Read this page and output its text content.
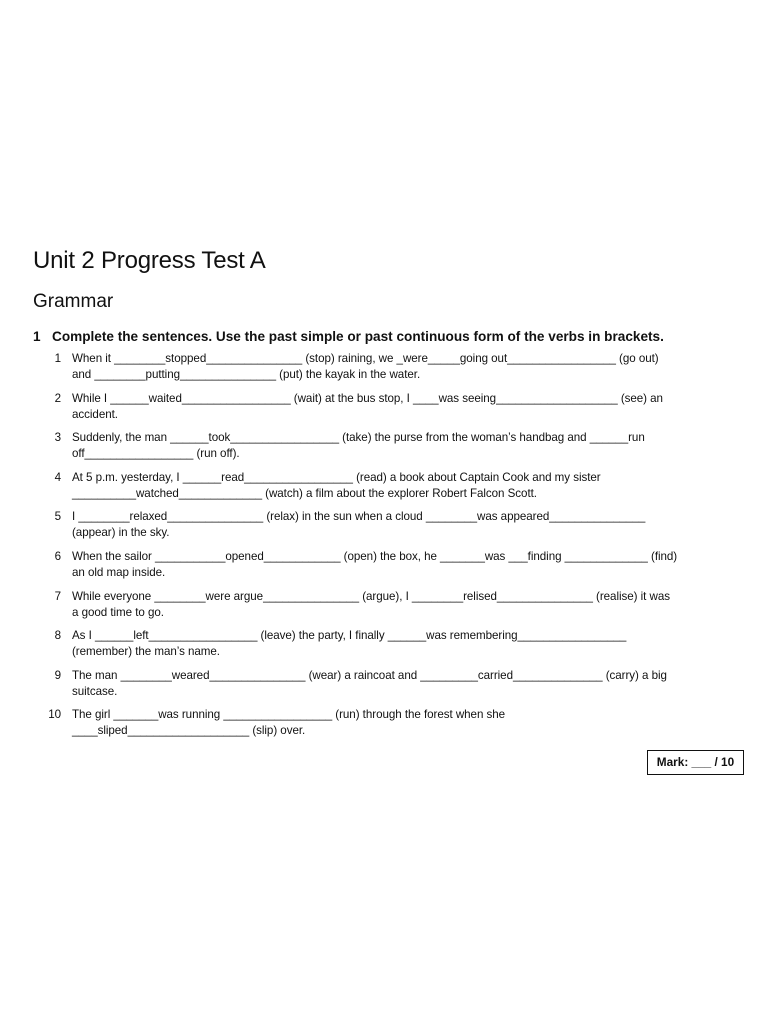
Unit 2 Progress Test A
Grammar
1 Complete the sentences. Use the past simple or past continuous form of the verbs in brackets.
1 When it ________stopped_______________ (stop) raining, we _were_____going out_________________ (go out)
and ________putting_______________ (put) the kayak in the water.
2 While I ______waited_________________ (wait) at the bus stop, I ____was seeing___________________ (see) an
accident.
3 Suddenly, the man ______took_________________ (take) the purse from the woman’s handbag and ______run
off_________________ (run off).
4 At 5 p.m. yesterday, I ______read_________________ (read) a book about Captain Cook and my sister
__________watched_____________ (watch) a film about the explorer Robert Falcon Scott.
5 I ________relaxed_______________ (relax) in the sun when a cloud ________was appeared_______________
(appear) in the sky.
6 When the sailor ___________opened____________ (open) the box, he _______was ___finding _____________ (find)
an old map inside.
7 While everyone ________were argue_______________ (argue), I ________relised_______________ (realise) it was
a good time to go.
8 As I ______left_________________ (leave) the party, I finally ______was remembering_________________
(remember) the man’s name.
9 The man ________weared_______________ (wear) a raincoat and _________carried______________ (carry) a big
suitcase.
10 The girl _______was running _________________ (run) through the forest when she
____sliped___________________ (slip) over.
Mark: ___ / 10
